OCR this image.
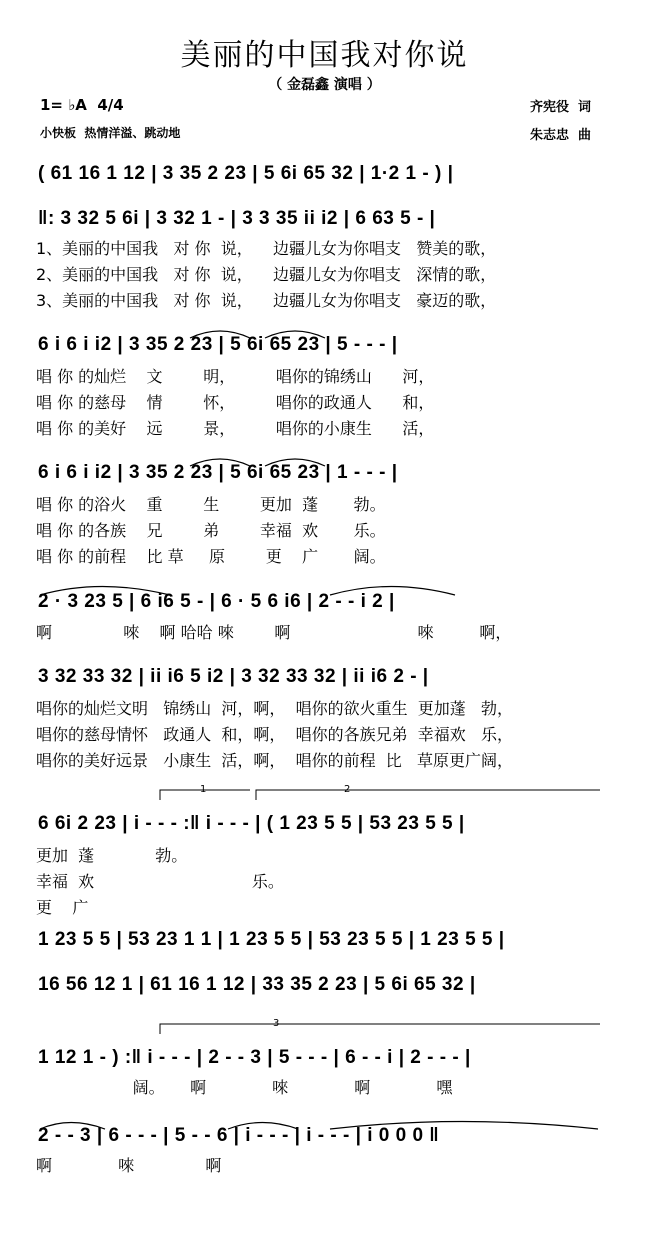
美丽的中国我对你说
（ 金磊鑫 演唱 ）
1= ♭A  4/4
小快板  热情洋溢、跳动地
齐宪役  词
朱志忠  曲
( 61 16 1 12 | 3 35 2 23 | 5 6i 65 32 | 1·2 1 - ) |
‖: 3 32 5 6i | 3 32 1 - | 3 3 35 ii i2 | 6 63 5 - |
1、美丽的中国我   对 你  说，    边疆儿女为你唱支   赞美的歌，
2、美丽的中国我   对 你  说，    边疆儿女为你唱支   深情的歌，
3、美丽的中国我   对 你  说，    边疆儿女为你唱支   豪迈的歌，
6 i 6 i i2 | 3 35 2 23 | 5 6i 65 23 | 5 - - - |
唱 你 的灿烂    文        明，        唱你的锦绣山      河，
唱 你 的慈母    情        怀，        唱你的政通人      和，
唱 你 的美好    远        景，        唱你的小康生      活，
6 i 6 i i2 | 3 35 2 23 | 5 6i 65 23 | 1 - - - |
唱 你 的浴火    重        生        更加  蓬       勃。
唱 你 的各族    兄        弟        幸福  欢       乐。
唱 你 的前程    比 草     原        更    广       阔。
2 · 3 23 5 | 6 i6 5 - | 6 · 5 6 i6 | 2 - - i 2 |
啊              唻    啊 哈哈 唻        啊                         唻         啊，
3 32 33 32 | ii i6 5 i2 | 3 32 33 32 | ii i6 2 - |
唱你的灿烂文明   锦绣山  河，啊，  唱你的欲火重生  更加蓬   勃，
唱你的慈母情怀   政通人  和，啊，  唱你的各族兄弟  幸福欢   乐，
唱你的美好远景   小康生  活，啊，  唱你的前程  比   草原更广阔，
1	2
6 6i 2 23 | i - - - :‖ i - - - | ( 1 23 5 5 | 53 23 5 5 |
更加  蓬            勃。
幸福  欢                               乐。
更    广
1 23 5 5 | 53 23 1 1 | 1 23 5 5 | 53 23 5 5 | 1 23 5 5 |
16 56 12 1 | 61 16 1 12 | 33 35 2 23 | 5 6i 65 32 |
3
1 12 1 - ) :‖ i - - - | 2 - - 3 | 5 - - - | 6 - - i | 2 - - - |
阔。     啊             唻             啊             嘿
2 - - 3 | 6 - - - | 5 - - 6 | i - - - | i - - - | i 0 0 0 ‖
啊             唻              啊
